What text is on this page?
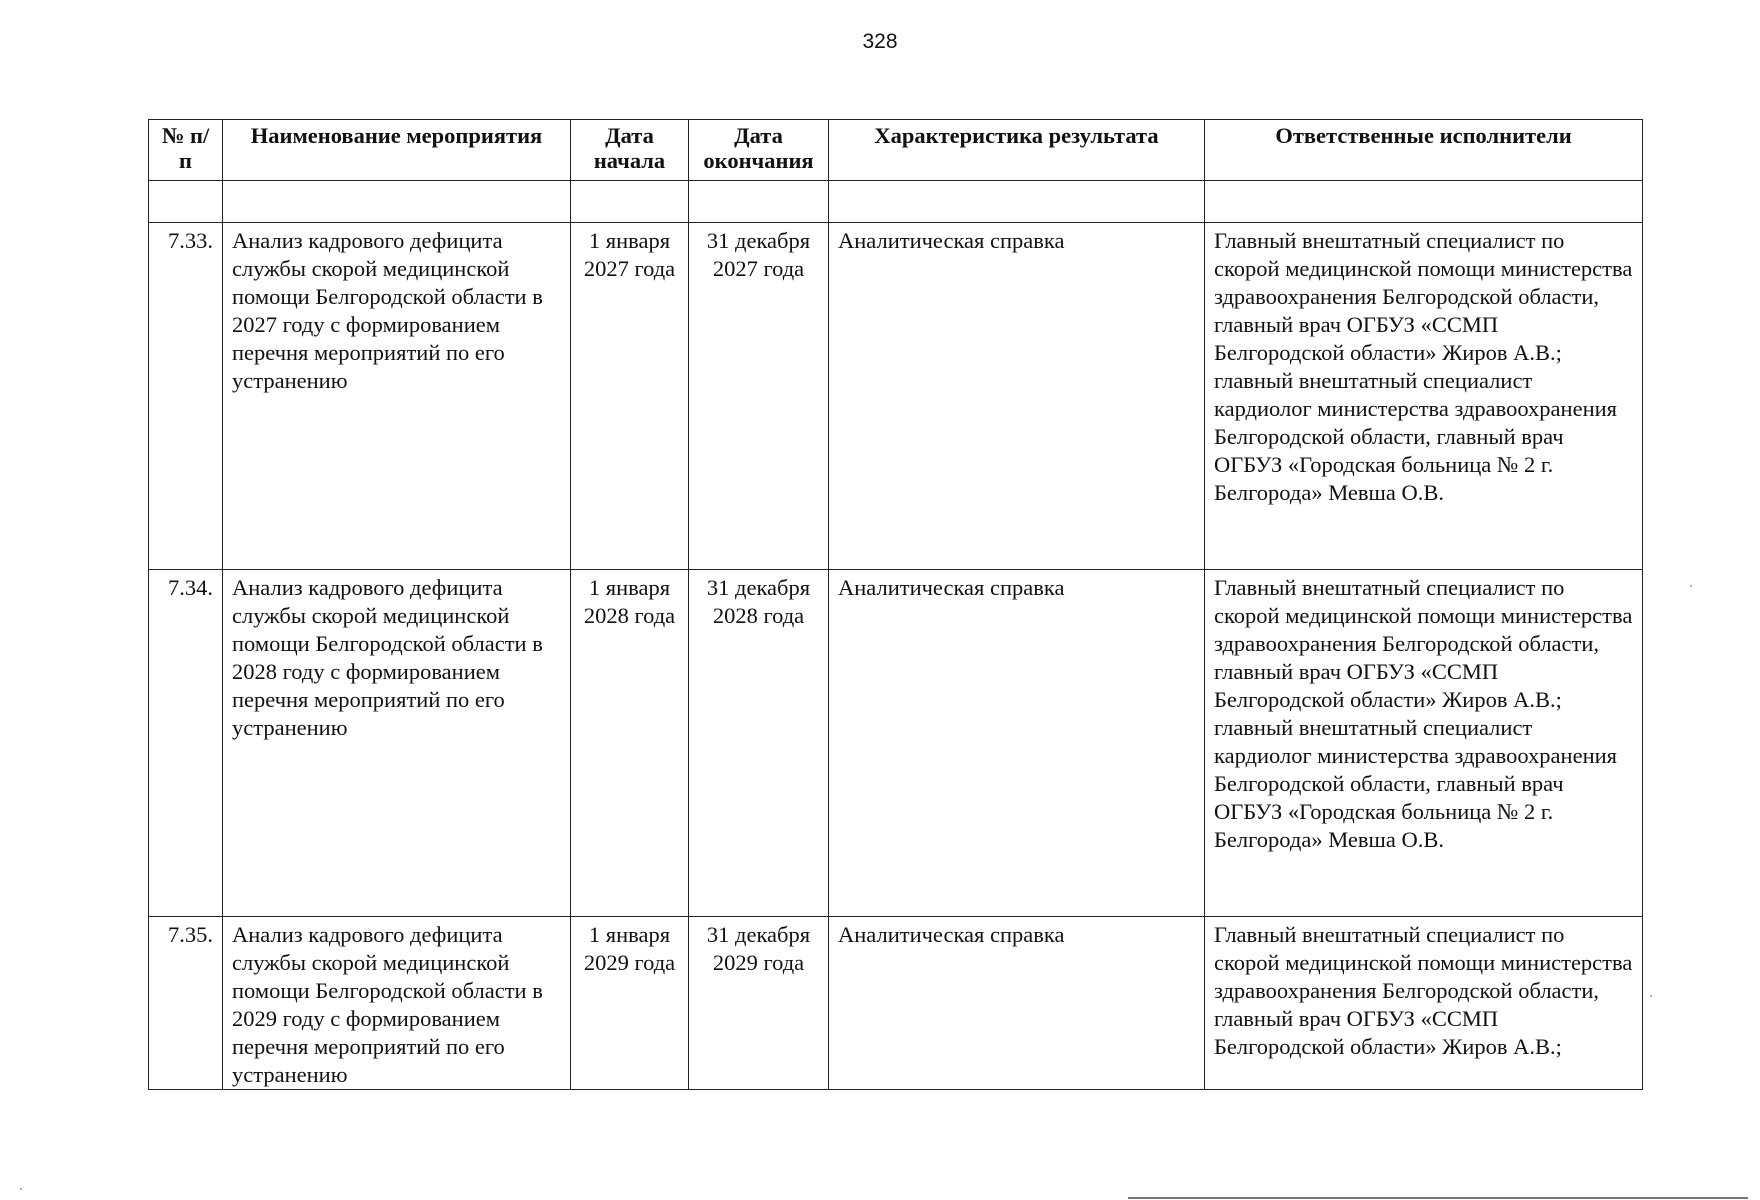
328
№ п/п	Наименование мероприятия	Дата начала	Дата окончания	Характеристика результата	Ответственные исполнители

7.33.	Анализ кадрового дефицита службы скорой медицинской помощи Белгородской области в 2027 году с формированием перечня мероприятий по его устранению	1 января 2027 года	31 декабря 2027 года	Аналитическая справка	Главный внештатный специалист по скорой медицинской помощи министерства здравоохранения Белгородской области, главный врач ОГБУЗ «ССМП Белгородской области» Жиров А.В.; главный внештатный специалист кардиолог министерства здравоохранения Белгородской области, главный врач ОГБУЗ «Городская больница № 2 г. Белгорода» Мевша О.В.
7.34.	Анализ кадрового дефицита службы скорой медицинской помощи Белгородской области в 2028 году с формированием перечня мероприятий по его устранению	1 января 2028 года	31 декабря 2028 года	Аналитическая справка	Главный внештатный специалист по скорой медицинской помощи министерства здравоохранения Белгородской области, главный врач ОГБУЗ «ССМП Белгородской области» Жиров А.В.; главный внештатный специалист кардиолог министерства здравоохранения Белгородской области, главный врач ОГБУЗ «Городская больница № 2 г. Белгорода» Мевша О.В.
7.35.	Анализ кадрового дефицита службы скорой медицинской помощи Белгородской области в 2029 году с формированием перечня мероприятий по его устранению	1 января 2029 года	31 декабря 2029 года	Аналитическая справка	Главный внештатный специалист по скорой медицинской помощи министерства здравоохранения Белгородской области, главный врач ОГБУЗ «ССМП Белгородской области» Жиров А.В.;
